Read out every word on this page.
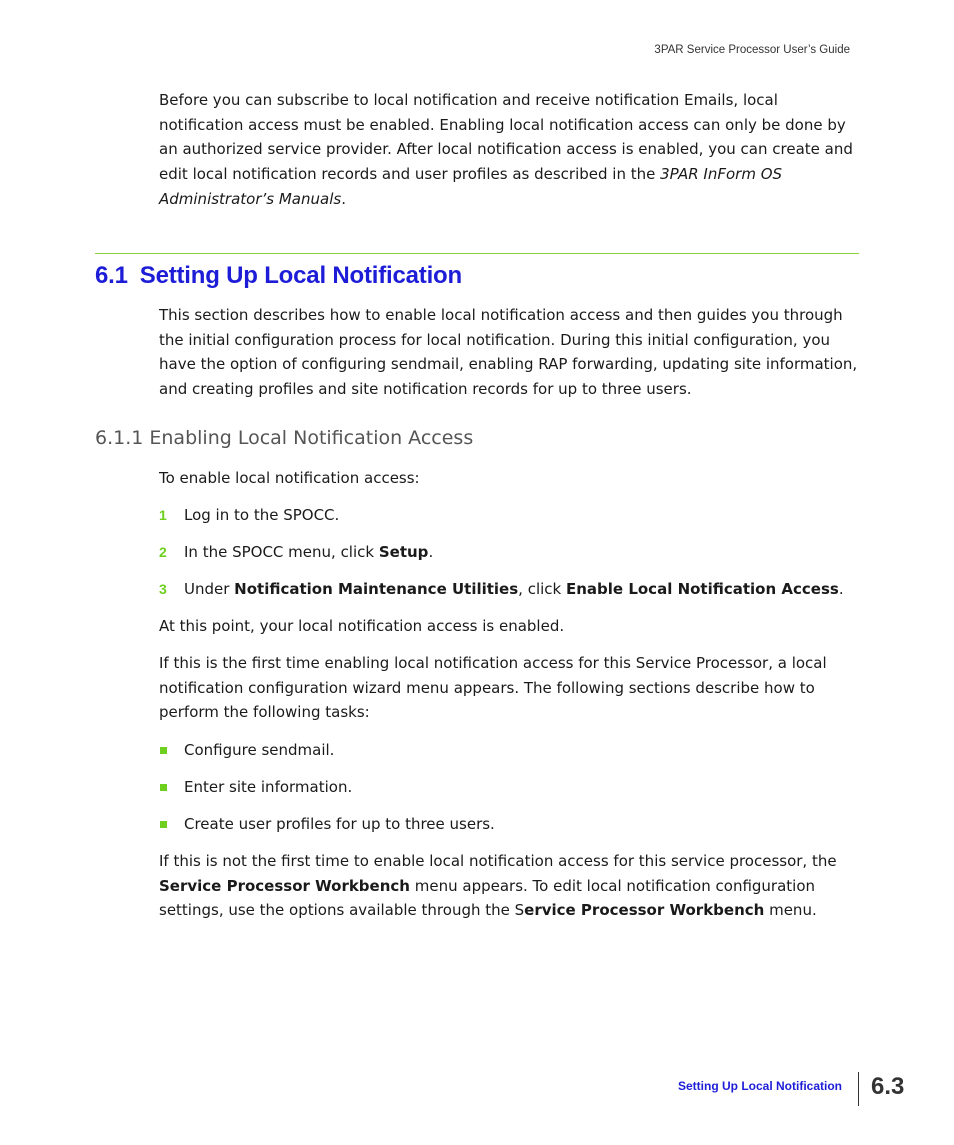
3PAR Service Processor User’s Guide

Before you can subscribe to local notification and receive notification Emails, local notification access must be enabled. Enabling local notification access can only be done by an authorized service provider. After local notification access is enabled, you can create and edit local notification records and user profiles as described in the 3PAR InForm OS Administrator’s Manuals.

6.1 Setting Up Local Notification

This section describes how to enable local notification access and then guides you through the initial configuration process for local notification. During this initial configuration, you have the option of configuring sendmail, enabling RAP forwarding, updating site information, and creating profiles and site notification records for up to three users.

6.1.1 Enabling Local Notification Access

To enable local notification access:

1 Log in to the SPOCC.
2 In the SPOCC menu, click Setup.
3 Under Notification Maintenance Utilities, click Enable Local Notification Access.

At this point, your local notification access is enabled.

If this is the first time enabling local notification access for this Service Processor, a local notification configuration wizard menu appears. The following sections describe how to perform the following tasks:

Configure sendmail.
Enter site information.
Create user profiles for up to three users.

If this is not the first time to enable local notification access for this service processor, the Service Processor Workbench menu appears. To edit local notification configuration settings, use the options available through the Service Processor Workbench menu.

Setting Up Local Notification 6.3
